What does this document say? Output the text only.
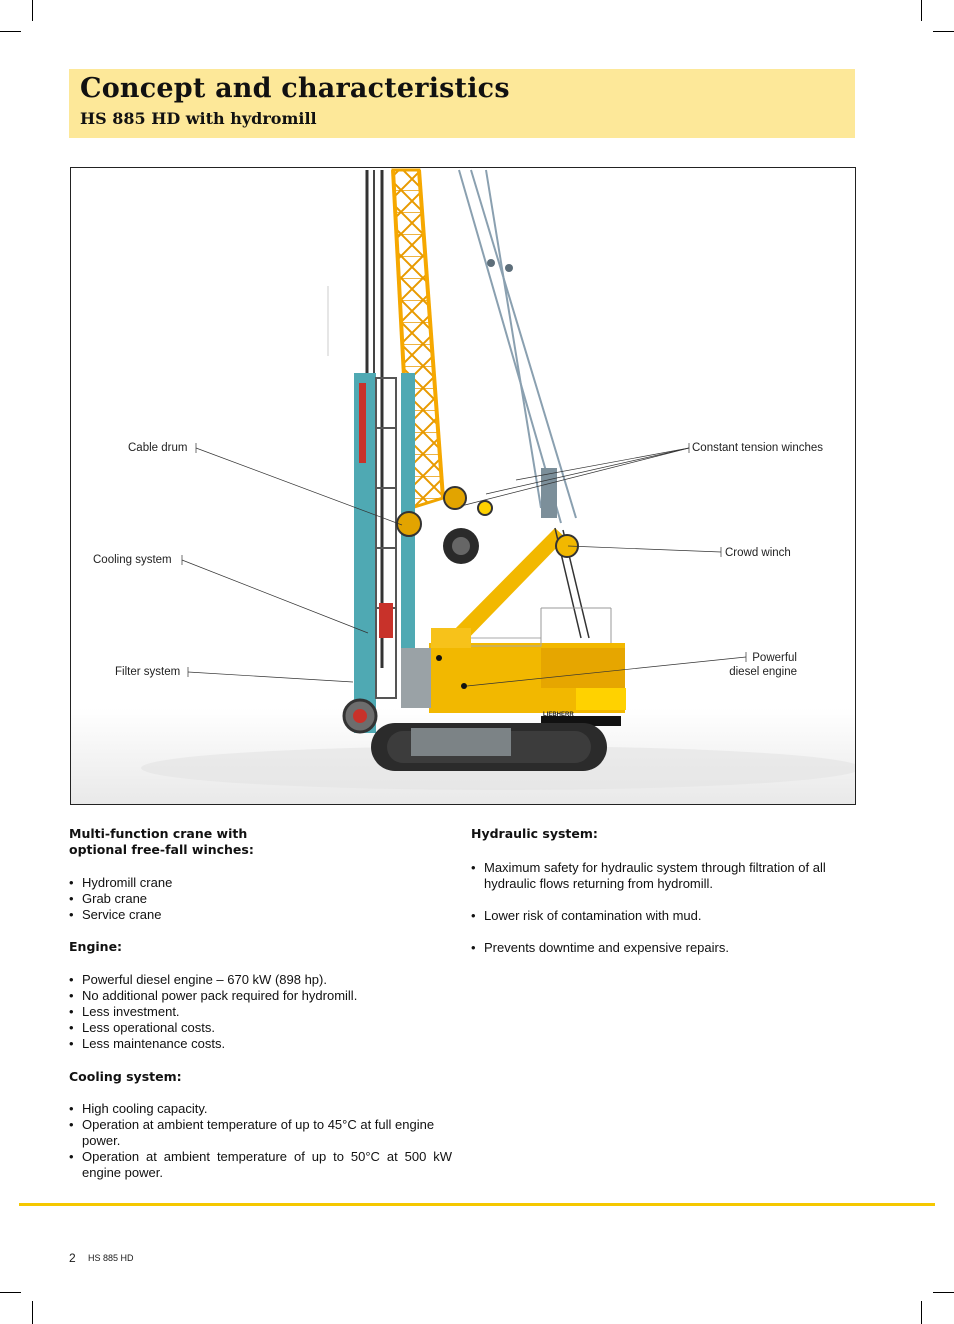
Concept and characteristics
HS 885 HD with hydromill
Cable drum
Cooling system
Filter system
Constant tension winches
Crowd winch
Powerful
diesel engine
LIEBHERR
Multi-function crane with
optional free-fall winches:
• Hydromill crane
• Grab crane
• Service crane
Engine:
• Powerful diesel engine – 670 kW (898 hp).
• No additional power pack required for hydromill.
• Less investment.
• Less operational costs.
• Less maintenance costs.
Cooling system:
• High cooling capacity.
• Operation at ambient temperature of up to 45°C at full engine power.
• Operation at ambient temperature of up to 50°C at 500 kW engine power.
Hydraulic system:
• Maximum safety for hydraulic system through filtration of all hydraulic flows returning from hydromill.
• Lower risk of contamination with mud.
• Prevents downtime and expensive repairs.
2 HS 885 HD
